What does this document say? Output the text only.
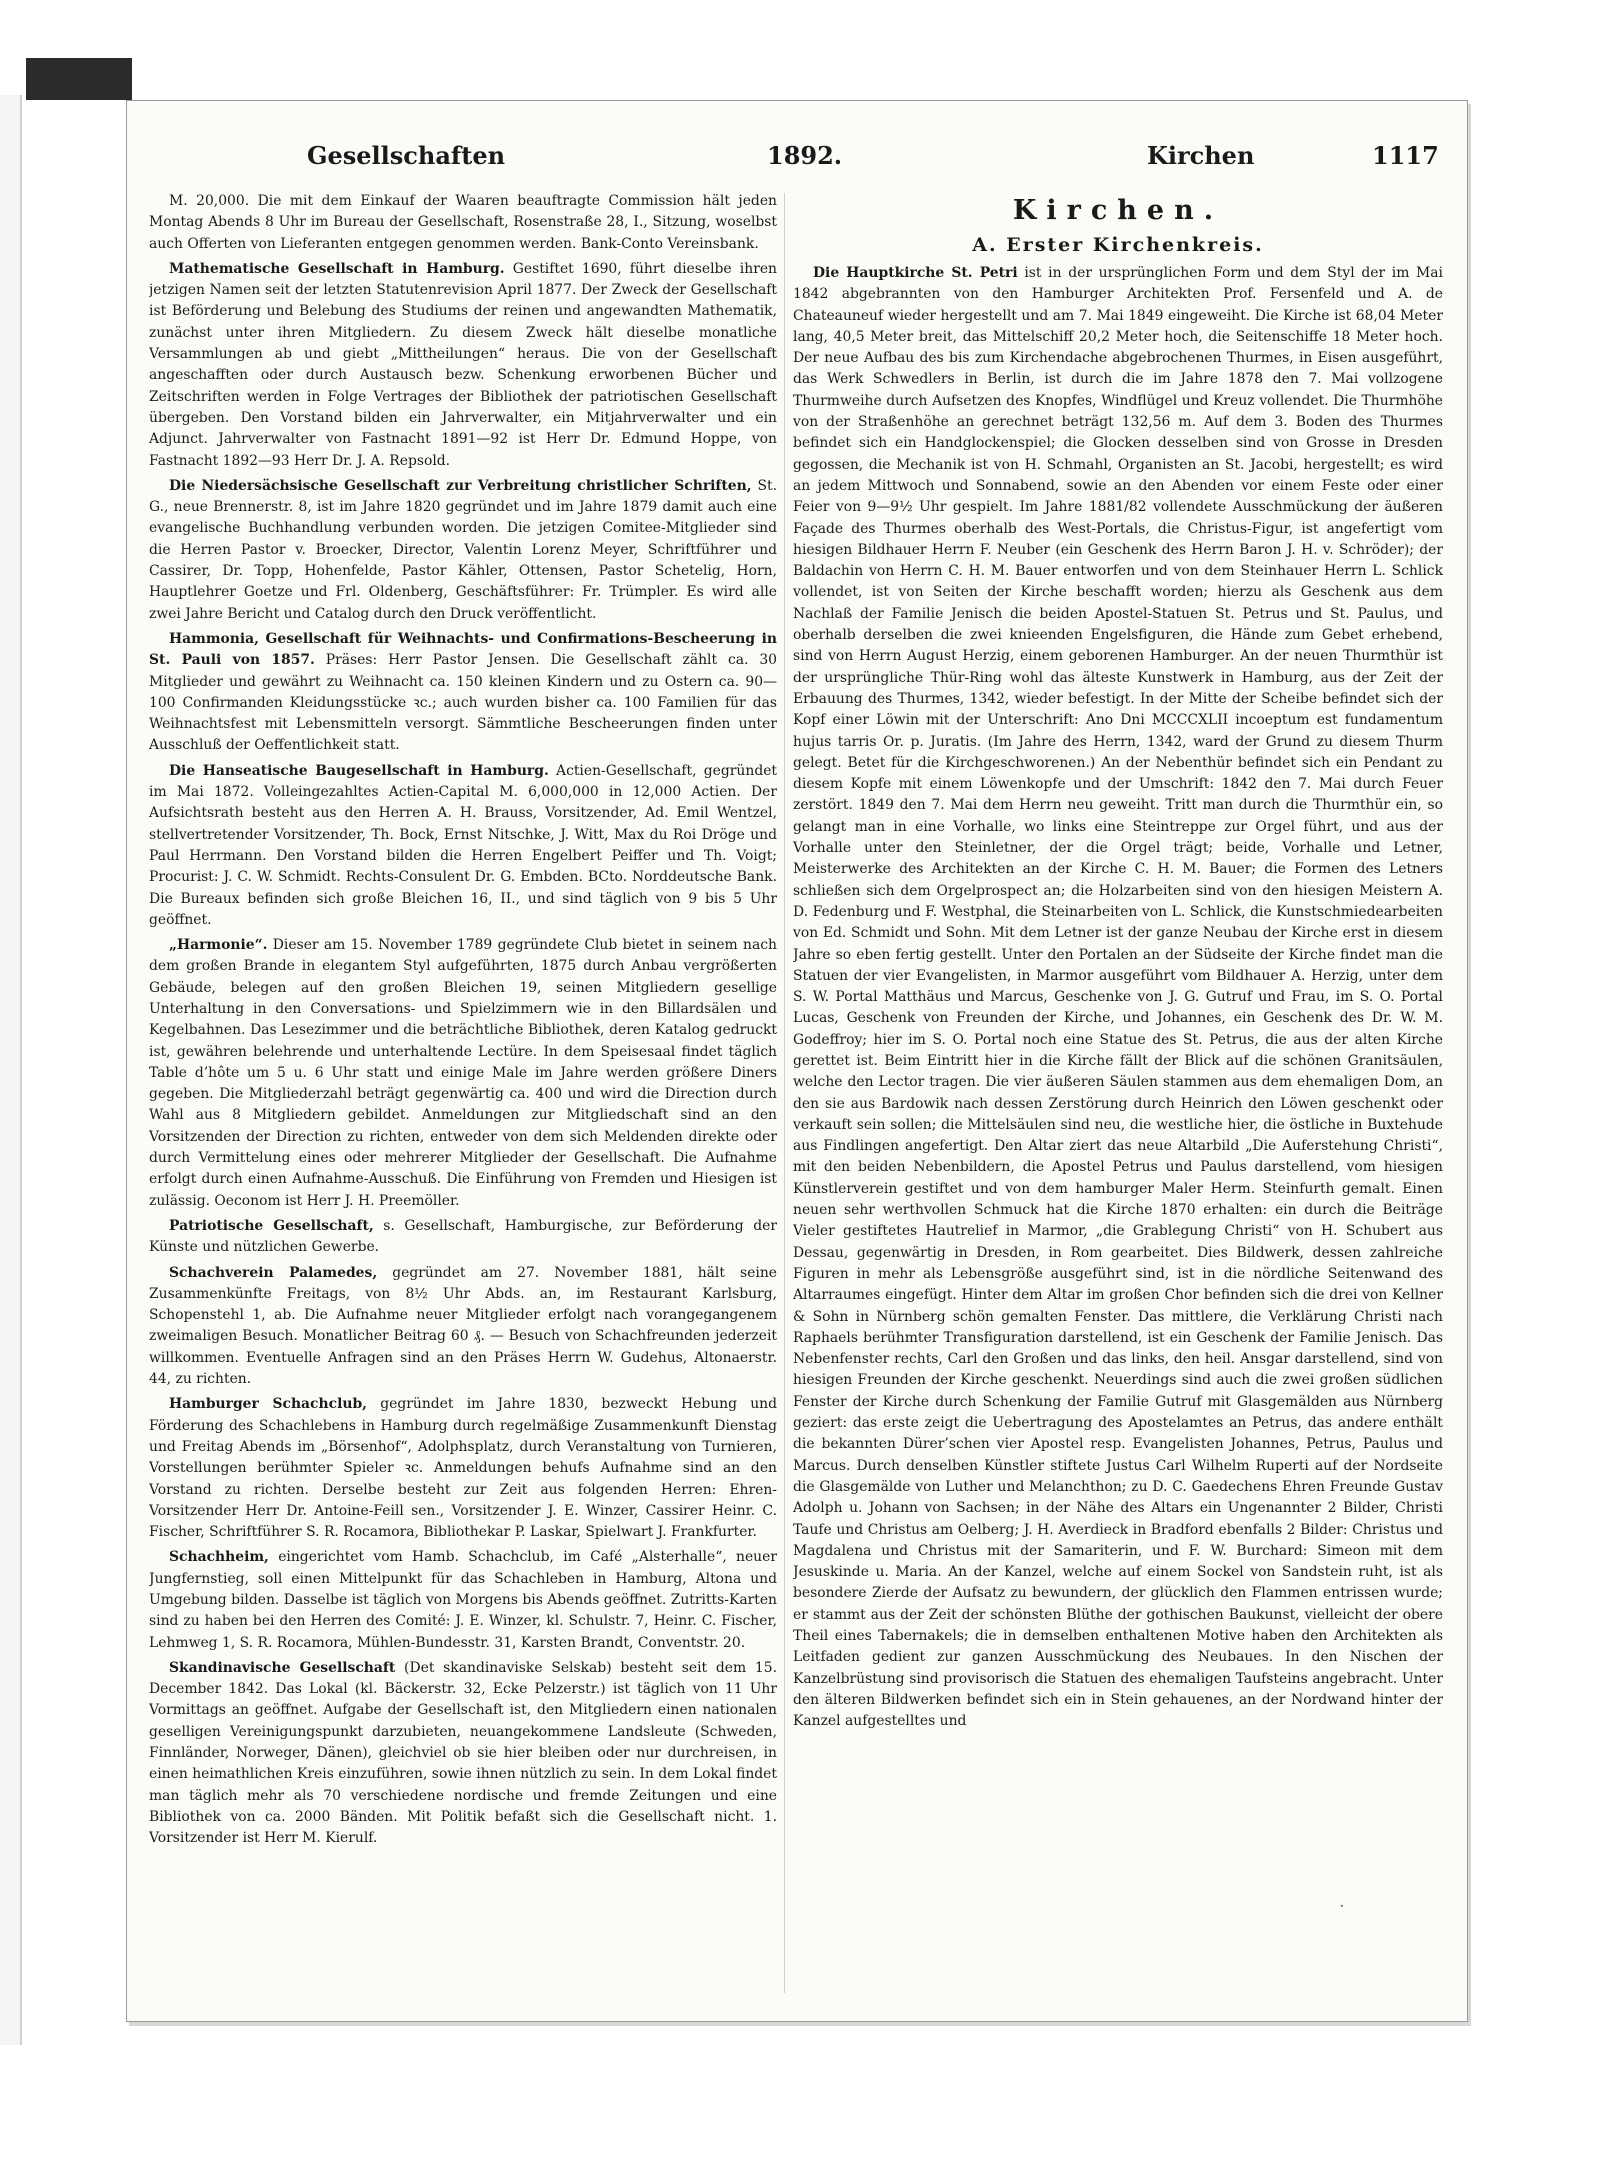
Gesellschaften	1892.	Kirchen	1117

M. 20,000. Die mit dem Einkauf der Waaren beauftragte Commission hält jeden Montag Abends 8 Uhr im Bureau der Gesellschaft, Rosenstraße 28, I., Sitzung, woselbst auch Offerten von Lieferanten entgegen genommen werden. Bank-Conto Vereinsbank.

Mathematische Gesellschaft in Hamburg. Gestiftet 1690, führt dieselbe ihren jetzigen Namen seit der letzten Statutenrevision April 1877. Der Zweck der Gesellschaft ist Beförderung und Belebung des Studiums der reinen und angewandten Mathematik, zunächst unter ihren Mitgliedern. Zu diesem Zweck hält dieselbe monatliche Versammlungen ab und giebt „Mittheilungen“ heraus. Die von der Gesellschaft angeschafften oder durch Austausch bezw. Schenkung erworbenen Bücher und Zeitschriften werden in Folge Vertrages der Bibliothek der patriotischen Gesellschaft übergeben. Den Vorstand bilden ein Jahrverwalter, ein Mitjahrverwalter und ein Adjunct. Jahrverwalter von Fastnacht 1891—92 ist Herr Dr. Edmund Hoppe, von Fastnacht 1892—93 Herr Dr. J. A. Repsold.

Die Niedersächsische Gesellschaft zur Verbreitung christlicher Schriften, St. G., neue Brennerstr. 8, ist im Jahre 1820 gegründet und im Jahre 1879 damit auch eine evangelische Buchhandlung verbunden worden. Die jetzigen Comitee-Mitglieder sind die Herren Pastor v. Broecker, Director, Valentin Lorenz Meyer, Schriftführer und Cassirer, Dr. Topp, Hohenfelde, Pastor Kähler, Ottensen, Pastor Schetelig, Horn, Hauptlehrer Goetze und Frl. Oldenberg, Geschäftsführer: Fr. Trümpler. Es wird alle zwei Jahre Bericht und Catalog durch den Druck veröffentlicht.

Hammonia, Gesellschaft für Weihnachts- und Confirmations-Bescheerung in St. Pauli von 1857. Präses: Herr Pastor Jensen. Die Gesellschaft zählt ca. 30 Mitglieder und gewährt zu Weihnacht ca. 150 kleinen Kindern und zu Ostern ca. 90—100 Confirmanden Kleidungsstücke ꝛc.; auch wurden bisher ca. 100 Familien für das Weihnachtsfest mit Lebensmitteln versorgt. Sämmtliche Bescheerungen finden unter Ausschluß der Oeffentlichkeit statt.

Die Hanseatische Baugesellschaft in Hamburg. Actien-Gesellschaft, gegründet im Mai 1872. Volleingezahltes Actien-Capital M. 6,000,000 in 12,000 Actien. Der Aufsichtsrath besteht aus den Herren A. H. Brauss, Vorsitzender, Ad. Emil Wentzel, stellvertretender Vorsitzender, Th. Bock, Ernst Nitschke, J. Witt, Max du Roi Dröge und Paul Herrmann. Den Vorstand bilden die Herren Engelbert Peiffer und Th. Voigt; Procurist: J. C. W. Schmidt. Rechts-Consulent Dr. G. Embden. BCto. Norddeutsche Bank. Die Bureaux befinden sich große Bleichen 16, II., und sind täglich von 9 bis 5 Uhr geöffnet.

„Harmonie“. Dieser am 15. November 1789 gegründete Club bietet in seinem nach dem großen Brande in elegantem Styl aufgeführten, 1875 durch Anbau vergrößerten Gebäude, belegen auf den großen Bleichen 19, seinen Mitgliedern gesellige Unterhaltung in den Conversations- und Spielzimmern wie in den Billardsälen und Kegelbahnen. Das Lesezimmer und die beträchtliche Bibliothek, deren Katalog gedruckt ist, gewähren belehrende und unterhaltende Lectüre. In dem Speisesaal findet täglich Table d’hôte um 5 u. 6 Uhr statt und einige Male im Jahre werden größere Diners gegeben. Die Mitgliederzahl beträgt gegenwärtig ca. 400 und wird die Direction durch Wahl aus 8 Mitgliedern gebildet. Anmeldungen zur Mitgliedschaft sind an den Vorsitzenden der Direction zu richten, entweder von dem sich Meldenden direkte oder durch Vermittelung eines oder mehrerer Mitglieder der Gesellschaft. Die Aufnahme erfolgt durch einen Aufnahme-Ausschuß. Die Einführung von Fremden und Hiesigen ist zulässig. Oeconom ist Herr J. H. Preemöller.

Patriotische Gesellschaft, s. Gesellschaft, Hamburgische, zur Beförderung der Künste und nützlichen Gewerbe.

Schachverein Palamedes, gegründet am 27. November 1881, hält seine Zusammenkünfte Freitags, von 8½ Uhr Abds. an, im Restaurant Karlsburg, Schopenstehl 1, ab. Die Aufnahme neuer Mitglieder erfolgt nach vorangegangenem zweimaligen Besuch. Monatlicher Beitrag 60 ₰. — Besuch von Schachfreunden jederzeit willkommen. Eventuelle Anfragen sind an den Präses Herrn W. Gudehus, Altonaerstr. 44, zu richten.

Hamburger Schachclub, gegründet im Jahre 1830, bezweckt Hebung und Förderung des Schachlebens in Hamburg durch regelmäßige Zusammenkunft Dienstag und Freitag Abends im „Börsenhof“, Adolphsplatz, durch Veranstaltung von Turnieren, Vorstellungen berühmter Spieler ꝛc. Anmeldungen behufs Aufnahme sind an den Vorstand zu richten. Derselbe besteht zur Zeit aus folgenden Herren: Ehren-Vorsitzender Herr Dr. Antoine-Feill sen., Vorsitzender J. E. Winzer, Cassirer Heinr. C. Fischer, Schriftführer S. R. Rocamora, Bibliothekar P. Laskar, Spielwart J. Frankfurter.

Schachheim, eingerichtet vom Hamb. Schachclub, im Café „Alsterhalle“, neuer Jungfernstieg, soll einen Mittelpunkt für das Schachleben in Hamburg, Altona und Umgebung bilden. Dasselbe ist täglich von Morgens bis Abends geöffnet. Zutritts-Karten sind zu haben bei den Herren des Comité: J. E. Winzer, kl. Schulstr. 7, Heinr. C. Fischer, Lehmweg 1, S. R. Rocamora, Mühlen-Bundesstr. 31, Karsten Brandt, Conventstr. 20.

Skandinavische Gesellschaft (Det skandinaviske Selskab) besteht seit dem 15. December 1842. Das Lokal (kl. Bäckerstr. 32, Ecke Pelzerstr.) ist täglich von 11 Uhr Vormittags an geöffnet. Aufgabe der Gesellschaft ist, den Mitgliedern einen nationalen geselligen Vereinigungspunkt darzubieten, neuangekommene Landsleute (Schweden, Finnländer, Norweger, Dänen), gleichviel ob sie hier bleiben oder nur durchreisen, in einen heimathlichen Kreis einzuführen, sowie ihnen nützlich zu sein. In dem Lokal findet man täglich mehr als 70 verschiedene nordische und fremde Zeitungen und eine Bibliothek von ca. 2000 Bänden. Mit Politik befaßt sich die Gesellschaft nicht. 1. Vorsitzender ist Herr M. Kierulf.

Kirchen.
A. Erster Kirchenkreis.

Die Hauptkirche St. Petri ist in der ursprünglichen Form und dem Styl der im Mai 1842 abgebrannten von den Hamburger Architekten Prof. Fersenfeld und A. de Chateauneuf wieder hergestellt und am 7. Mai 1849 eingeweiht. Die Kirche ist 68,04 Meter lang, 40,5 Meter breit, das Mittelschiff 20,2 Meter hoch, die Seitenschiffe 18 Meter hoch. Der neue Aufbau des bis zum Kirchendache abgebrochenen Thurmes, in Eisen ausgeführt, das Werk Schwedlers in Berlin, ist durch die im Jahre 1878 den 7. Mai vollzogene Thurmweihe durch Aufsetzen des Knopfes, Windflügel und Kreuz vollendet. Die Thurmhöhe von der Straßenhöhe an gerechnet beträgt 132,56 m. Auf dem 3. Boden des Thurmes befindet sich ein Handglockenspiel; die Glocken desselben sind von Grosse in Dresden gegossen, die Mechanik ist von H. Schmahl, Organisten an St. Jacobi, hergestellt; es wird an jedem Mittwoch und Sonnabend, sowie an den Abenden vor einem Feste oder einer Feier von 9—9½ Uhr gespielt. Im Jahre 1881/82 vollendete Ausschmückung der äußeren Façade des Thurmes oberhalb des West-Portals, die Christus-Figur, ist angefertigt vom hiesigen Bildhauer Herrn F. Neuber (ein Geschenk des Herrn Baron J. H. v. Schröder); der Baldachin von Herrn C. H. M. Bauer entworfen und von dem Steinhauer Herrn L. Schlick vollendet, ist von Seiten der Kirche beschafft worden; hierzu als Geschenk aus dem Nachlaß der Familie Jenisch die beiden Apostel-Statuen St. Petrus und St. Paulus, und oberhalb derselben die zwei knieenden Engelsfiguren, die Hände zum Gebet erhebend, sind von Herrn August Herzig, einem geborenen Hamburger. An der neuen Thurmthür ist der ursprüngliche Thür-Ring wohl das älteste Kunstwerk in Hamburg, aus der Zeit der Erbauung des Thurmes, 1342, wieder befestigt. In der Mitte der Scheibe befindet sich der Kopf einer Löwin mit der Unterschrift: Ano Dni MCCCXLII incoeptum est fundamentum hujus tarris Or. p. Juratis. (Im Jahre des Herrn, 1342, ward der Grund zu diesem Thurm gelegt. Betet für die Kirchgeschworenen.) An der Nebenthür befindet sich ein Pendant zu diesem Kopfe mit einem Löwenkopfe und der Umschrift: 1842 den 7. Mai durch Feuer zerstört. 1849 den 7. Mai dem Herrn neu geweiht. Tritt man durch die Thurmthür ein, so gelangt man in eine Vorhalle, wo links eine Steintreppe zur Orgel führt, und aus der Vorhalle unter den Steinletner, der die Orgel trägt; beide, Vorhalle und Letner, Meisterwerke des Architekten an der Kirche C. H. M. Bauer; die Formen des Letners schließen sich dem Orgelprospect an; die Holzarbeiten sind von den hiesigen Meistern A. D. Fedenburg und F. Westphal, die Steinarbeiten von L. Schlick, die Kunstschmiedearbeiten von Ed. Schmidt und Sohn. Mit dem Letner ist der ganze Neubau der Kirche erst in diesem Jahre so eben fertig gestellt. Unter den Portalen an der Südseite der Kirche findet man die Statuen der vier Evangelisten, in Marmor ausgeführt vom Bildhauer A. Herzig, unter dem S. W. Portal Matthäus und Marcus, Geschenke von J. G. Gutruf und Frau, im S. O. Portal Lucas, Geschenk von Freunden der Kirche, und Johannes, ein Geschenk des Dr. W. M. Godeffroy; hier im S. O. Portal noch eine Statue des St. Petrus, die aus der alten Kirche gerettet ist. Beim Eintritt hier in die Kirche fällt der Blick auf die schönen Granitsäulen, welche den Lector tragen. Die vier äußeren Säulen stammen aus dem ehemaligen Dom, an den sie aus Bardowik nach dessen Zerstörung durch Heinrich den Löwen geschenkt oder verkauft sein sollen; die Mittelsäulen sind neu, die westliche hier, die östliche in Buxtehude aus Findlingen angefertigt. Den Altar ziert das neue Altarbild „Die Auferstehung Christi“, mit den beiden Nebenbildern, die Apostel Petrus und Paulus darstellend, vom hiesigen Künstlerverein gestiftet und von dem hamburger Maler Herm. Steinfurth gemalt. Einen neuen sehr werthvollen Schmuck hat die Kirche 1870 erhalten: ein durch die Beiträge Vieler gestiftetes Hautrelief in Marmor, „die Grablegung Christi“ von H. Schubert aus Dessau, gegenwärtig in Dresden, in Rom gearbeitet. Dies Bildwerk, dessen zahlreiche Figuren in mehr als Lebensgröße ausgeführt sind, ist in die nördliche Seitenwand des Altarraumes eingefügt. Hinter dem Altar im großen Chor befinden sich die drei von Kellner & Sohn in Nürnberg schön gemalten Fenster. Das mittlere, die Verklärung Christi nach Raphaels berühmter Transfiguration darstellend, ist ein Geschenk der Familie Jenisch. Das Nebenfenster rechts, Carl den Großen und das links, den heil. Ansgar darstellend, sind von hiesigen Freunden der Kirche geschenkt. Neuerdings sind auch die zwei großen südlichen Fenster der Kirche durch Schenkung der Familie Gutruf mit Glasgemälden aus Nürnberg geziert: das erste zeigt die Uebertragung des Apostelamtes an Petrus, das andere enthält die bekannten Dürer’schen vier Apostel resp. Evangelisten Johannes, Petrus, Paulus und Marcus. Durch denselben Künstler stiftete Justus Carl Wilhelm Ruperti auf der Nordseite die Glasgemälde von Luther und Melanchthon; zu D. C. Gaedechens Ehren Freunde Gustav Adolph u. Johann von Sachsen; in der Nähe des Altars ein Ungenannter 2 Bilder, Christi Taufe und Christus am Oelberg; J. H. Averdieck in Bradford ebenfalls 2 Bilder: Christus und Magdalena und Christus mit der Samariterin, und F. W. Burchard: Simeon mit dem Jesuskinde u. Maria. An der Kanzel, welche auf einem Sockel von Sandstein ruht, ist als besondere Zierde der Aufsatz zu bewundern, der glücklich den Flammen entrissen wurde; er stammt aus der Zeit der schönsten Blüthe der gothischen Baukunst, vielleicht der obere Theil eines Tabernakels; die in demselben enthaltenen Motive haben den Architekten als Leitfaden gedient zur ganzen Ausschmückung des Neubaues. In den Nischen der Kanzelbrüstung sind provisorisch die Statuen des ehemaligen Taufsteins angebracht. Unter den älteren Bildwerken befindet sich ein in Stein gehauenes, an der Nordwand hinter der Kanzel aufgestelltes und

·
